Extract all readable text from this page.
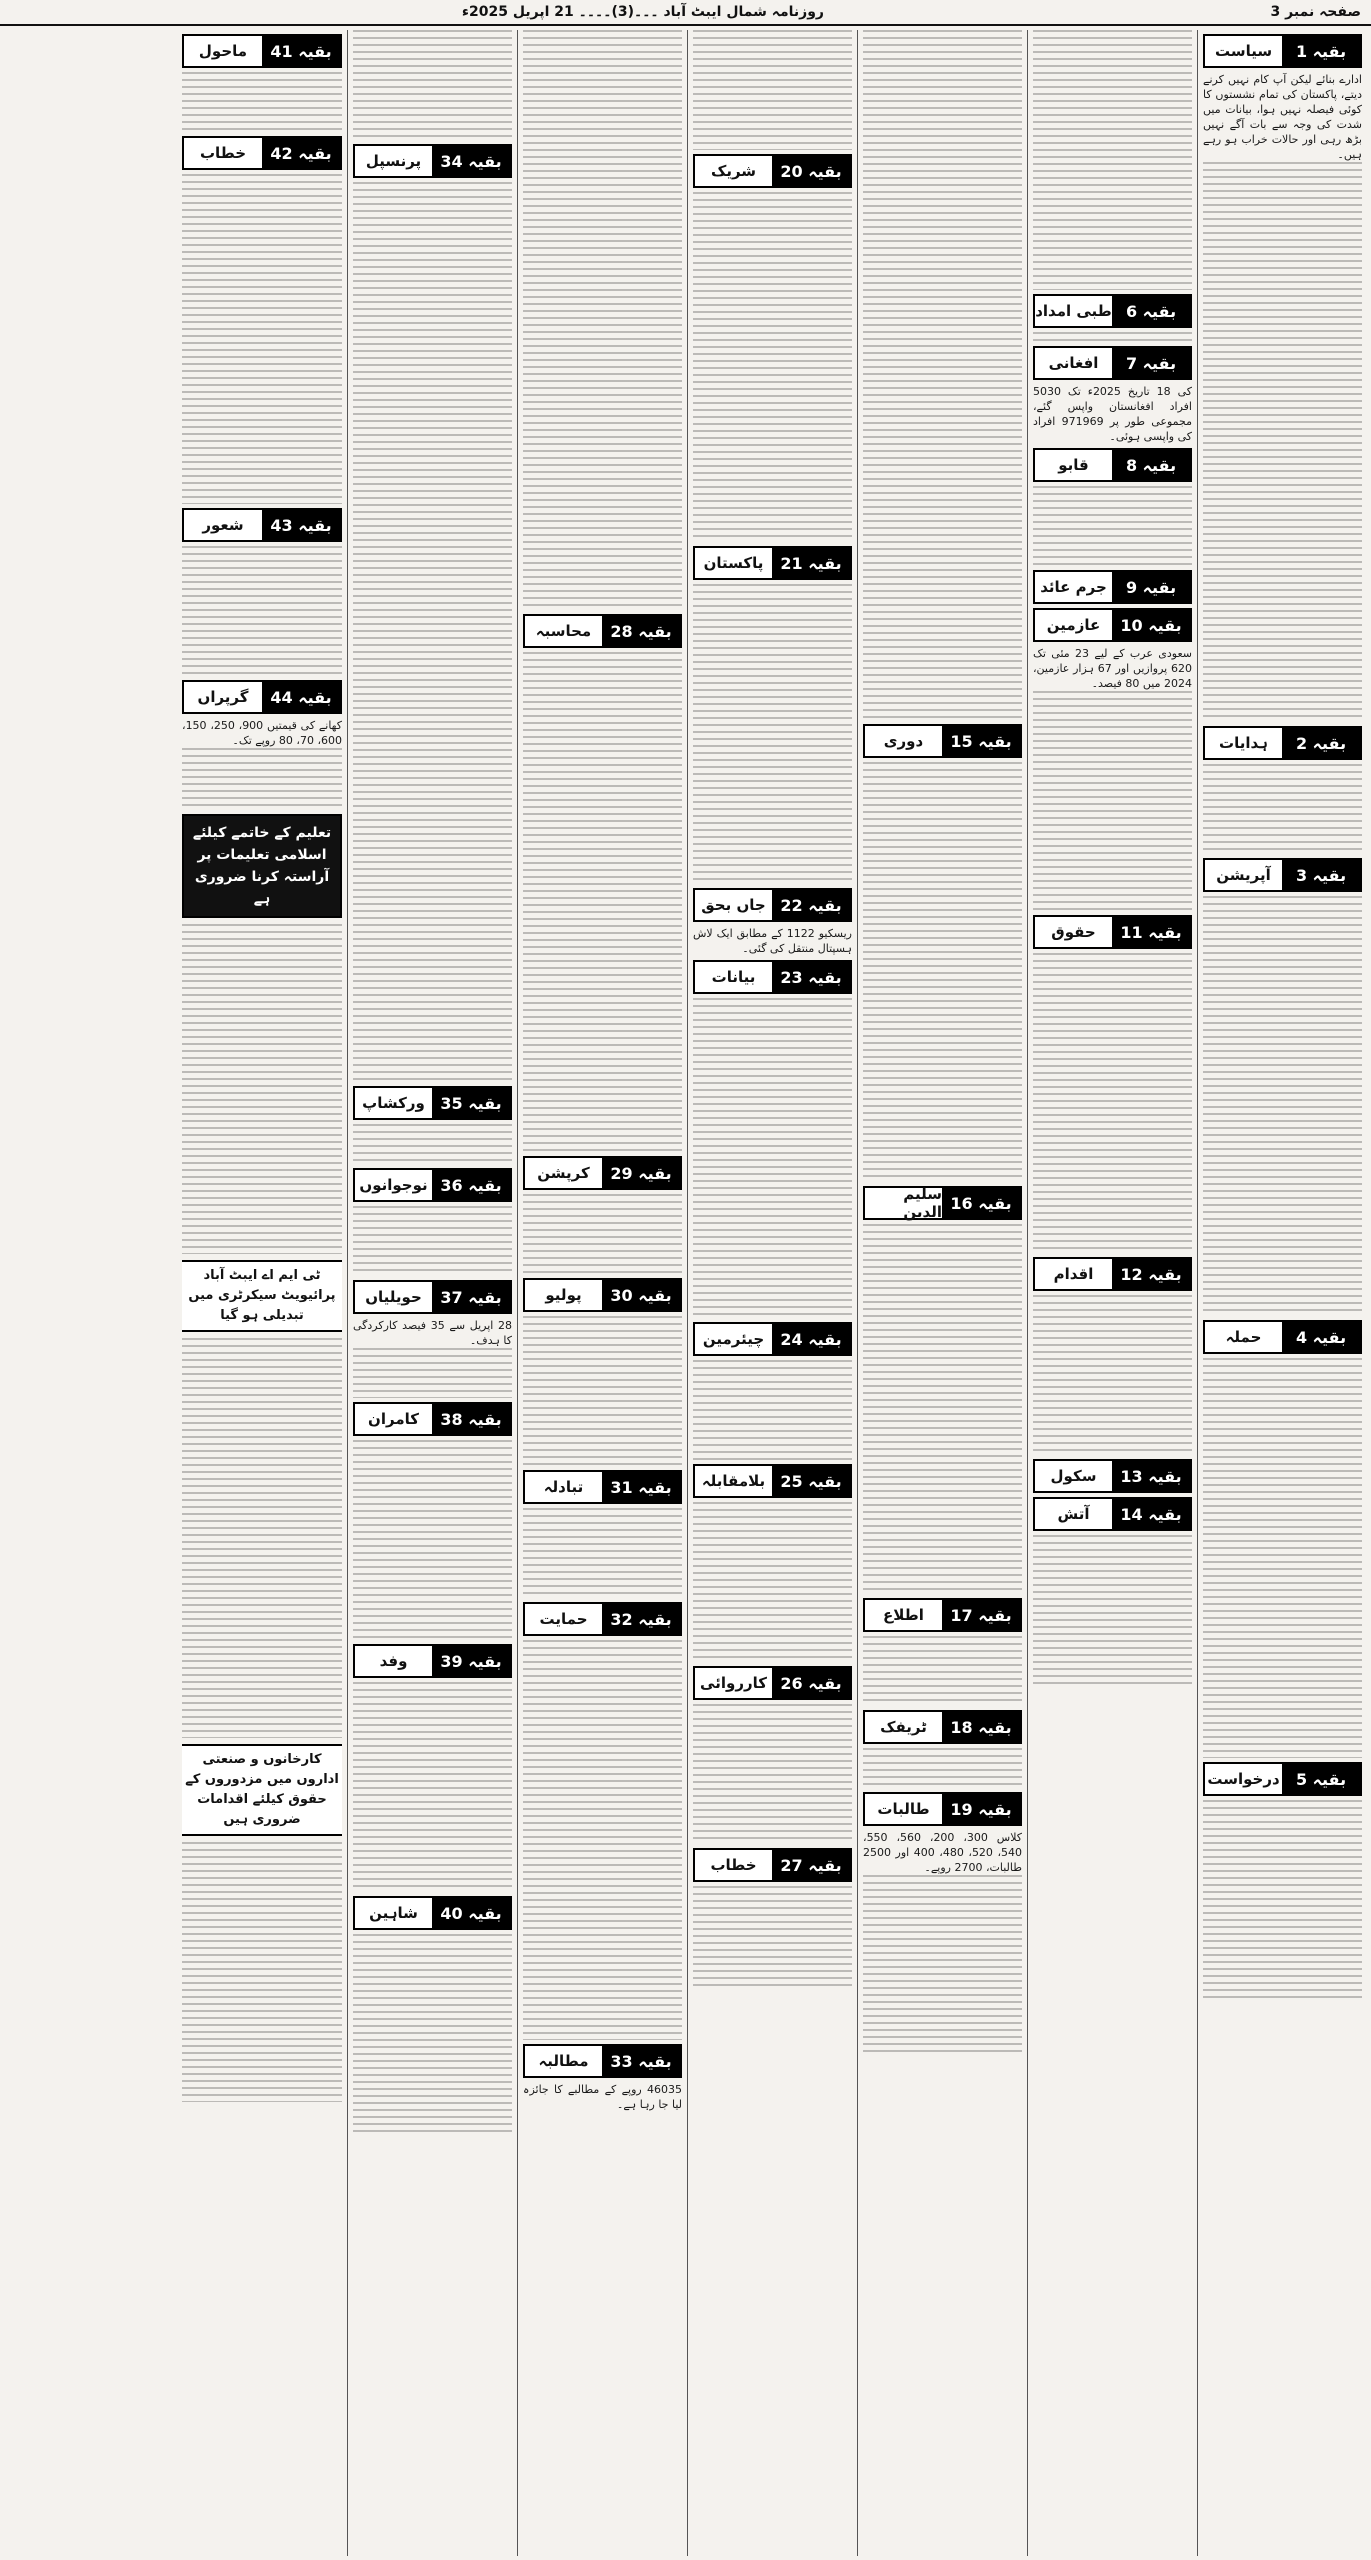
صفحہ نمبر 3
روزنامہ شمال ایبٹ آباد ۔۔۔(3)۔۔۔۔ 21 اپریل 2025ء
بقیہ 1
سیاست

ادارے بنائے لیکن آپ کام نہیں کرنے دیتے، پاکستان کی تمام نشستوں کا کوئی فیصلہ نہیں ہوا، بیانات میں شدت کی وجہ سے بات آگے نہیں بڑھ رہی اور حالات خراب ہو رہے ہیں۔

بقیہ 2
ہدایات
بقیہ 3
آپریشن
بقیہ 4
حملہ
بقیہ 5
درخواست
بقیہ 6
طبی امداد
بقیہ 7
افغانی

کی 18 تاریخ 2025ء تک 5030 افراد افغانستان واپس گئے، مجموعی طور پر 971969 افراد کی واپسی ہوئی۔

بقیہ 8
قابو
بقیہ 9
جرم عائد
بقیہ 10
عازمین

سعودی عرب کے لیے 23 مئی تک 620 پروازیں اور 67 ہزار عازمین، 2024 میں 80 فیصد۔

بقیہ 11
حقوق
بقیہ 12
اقدام
بقیہ 13
سکول
بقیہ 14
آتش
بقیہ 15
دوری
بقیہ 16
سلیم الدین
بقیہ 17
اطلاع
بقیہ 18
ٹریفک
بقیہ 19
طالبات

کلاس 300، 200، 560، 550، 540، 520، 480، 400 اور 2500 طالبات، 2700 روپے۔

بقیہ 20
شریک
بقیہ 21
پاکستان
بقیہ 22
جاں بحق

ریسکیو 1122 کے مطابق ایک لاش ہسپتال منتقل کی گئی۔

بقیہ 23
بیانات
بقیہ 24
چیئرمین
بقیہ 25
بلامقابلہ
بقیہ 26
کارروائی
بقیہ 27
خطاب
بقیہ 28
محاسبہ
بقیہ 29
کرپشن
بقیہ 30
پولیو
بقیہ 31
تبادلہ
بقیہ 32
حمایت
بقیہ 33
مطالبہ

46035 روپے کے مطالبے کا جائزہ لیا جا رہا ہے۔

بقیہ 34
پرنسپل
بقیہ 35
ورکشاپ
بقیہ 36
نوجوانوں
بقیہ 37
حویلیاں

28 اپریل سے 35 فیصد کارکردگی کا ہدف۔

بقیہ 38
کامران
بقیہ 39
وفد
بقیہ 40
شاہین
بقیہ 41
ماحول
بقیہ 42
خطاب
بقیہ 43
شعور
بقیہ 44
گرپراں

کھانے کی قیمتیں 900، 250، 150، 600، 70، 80 روپے تک۔

تعلیم کے خاتمے کیلئے اسلامی تعلیمات پر آراستہ کرنا ضروری ہے
ٹی ایم اے ایبٹ آباد پرائیویٹ سیکرٹری میں تبدیلی ہو گیا
کارخانوں و صنعتی اداروں میں مزدوروں کے حقوق کیلئے اقدامات ضروری ہیں
